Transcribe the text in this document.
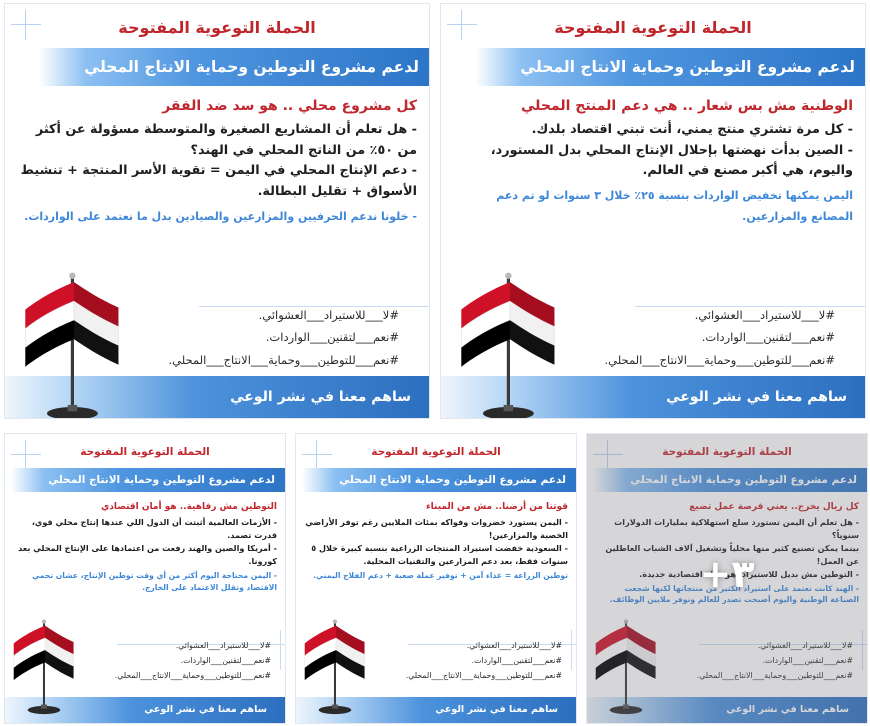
الحملة التوعوية المفتوحة
لدعم مشروع التوطين وحماية الانتاج المحلي
الوطنية مش بس شعار .. هي دعم المنتج المحلي
- كل مرة تشتري منتج يمني، أنت تبني اقتصاد بلدك.
- الصين بدأت نهضتها بإحلال الإنتاج المحلي بدل المستورد، واليوم، هي أكبر مصنع في العالم.
اليمن يمكنها تخفيض الواردات بنسبة ٢٥٪ خلال ٣ سنوات لو تم دعم المصانع والمزارعين.
#لا___للاستيراد___العشوائي.
#نعم___لتقنين___الواردات.
#نعم___للتوطين___وحماية___الانتاج___المحلي.
ساهم معنا في نشر الوعي
الحملة التوعوية المفتوحة
لدعم مشروع التوطين وحماية الانتاج المحلي
كل مشروع محلي .. هو سد ضد الفقر
- هل تعلم أن المشاريع الصغيرة والمتوسطة مسؤولة عن أكثر من ٥٠٪ من الناتج المحلي في الهند؟
- دعم الإنتاج المحلي في اليمن = تقوية الأسر المنتجة + تنشيط الأسواق + تقليل البطالة.
- خلونا ندعم الحرفيين والمزارعين والصيادين بدل ما نعتمد على الواردات.
#لا___للاستيراد___العشوائي.
#نعم___لتقنين___الواردات.
#نعم___للتوطين___وحماية___الانتاج___المحلي.
ساهم معنا في نشر الوعي
الحملة التوعوية المفتوحة
لدعم مشروع التوطين وحماية الانتاج المحلي
كل ريال يخرج.. يعني فرصة عمل تضيع
- هل تعلم أن اليمن تستورد سلع استهلاكية بمليارات الدولارات سنوياً؟
بينما يمكن تصنيع كثير منها محلياً وتشغيل آلاف الشباب العاطلين عن العمل!
- التوطين مش بديل للاستيراد، هو حياة اقتصادية جديدة.
- الهند كانت تعتمد على استيراد الكثير من منتجاتها لكنها شجعت الصناعة الوطنية واليوم أصبحت تصدر للعالم وتوفر ملايين الوظائف.
#لا___للاستيراد___العشوائي.
#نعم___لتقنين___الواردات.
#نعم___للتوطين___وحماية___الانتاج___المحلي.
ساهم معنا في نشر الوعي
٣+
الحملة التوعوية المفتوحة
لدعم مشروع التوطين وحماية الانتاج المحلي
قوتنا من أرضنا.. مش من الميناء
- اليمن يستورد خضروات وفواكه بمئات الملايين رغم توفر الأراضي الخصبة والمزارعين!
- السعودية خفضت استيراد المنتجات الزراعية بنسبة كبيرة خلال ٥ سنوات فقط، بعد دعم المزارعين والتقنيات المحلية.
توطين الزراعة = غذاء آمن + توفير عملة صعبة + دعم الفلاح اليمني.
#لا___للاستيراد___العشوائي.
#نعم___لتقنين___الواردات.
#نعم___للتوطين___وحماية___الانتاج___المحلي.
ساهم معنا في نشر الوعي
الحملة التوعوية المفتوحة
لدعم مشروع التوطين وحماية الانتاج المحلي
التوطين مش رفاهية.. هو أمان اقتصادي
- الأزمات العالمية أثبتت أن الدول اللي عندها إنتاج محلي قوي، قدرت تصمد.
- أمريكا والصين والهند رفعت من اعتمادها على الإنتاج المحلي بعد كورونا.
- اليمن محتاجة اليوم أكثر من أي وقت توطين الإنتاج، عشان تحمي الاقتصاد وتقلل الاعتماد على الخارج.
#لا___للاستيراد___العشوائي.
#نعم___لتقنين___الواردات.
#نعم___للتوطين___وحماية___الانتاج___المحلي.
ساهم معنا في نشر الوعي
